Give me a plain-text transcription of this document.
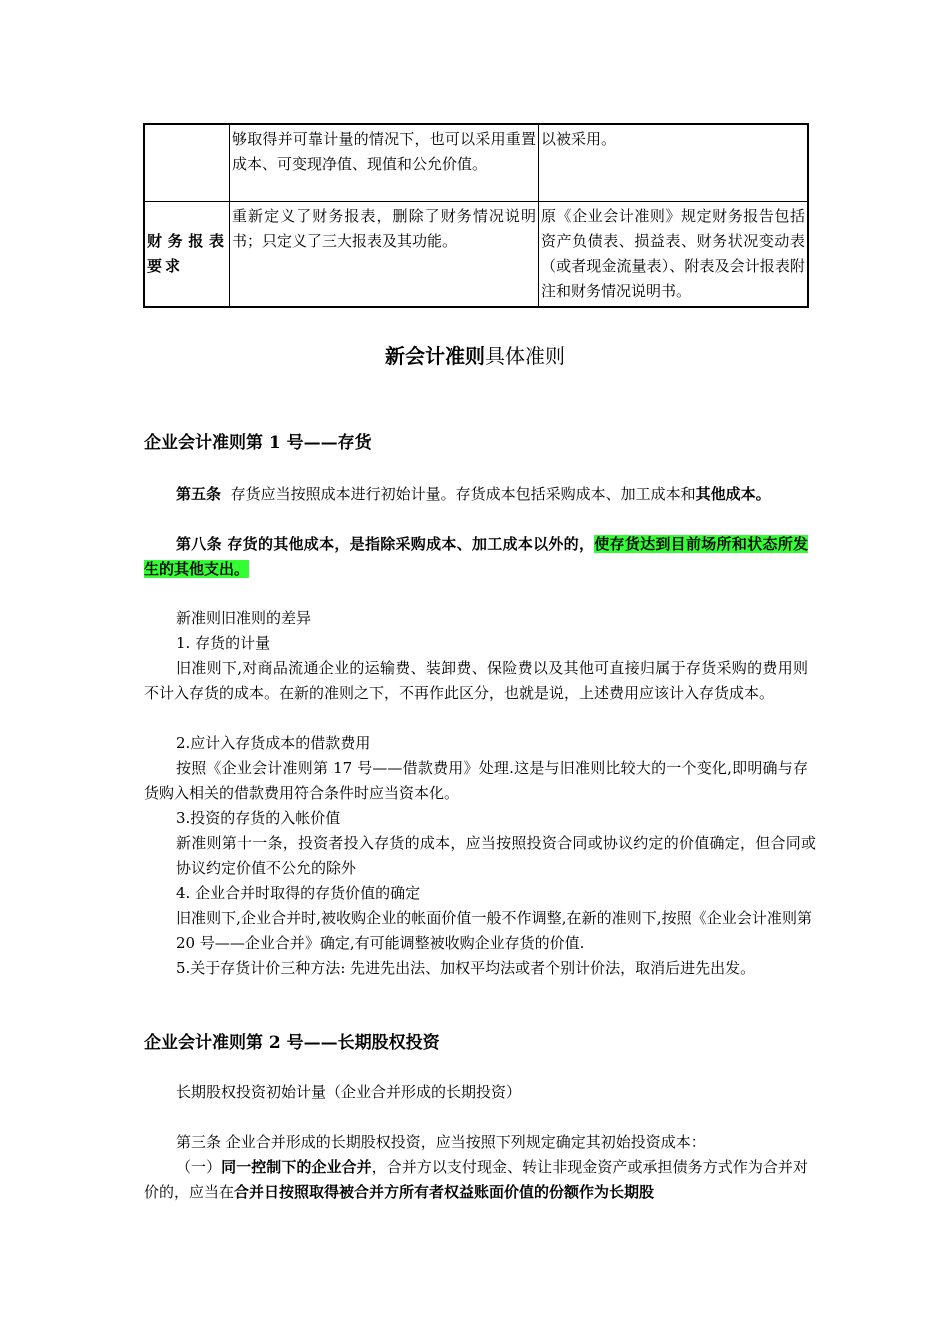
	够取得并可靠计量的情况下，也可以采用重置成本、可变现净值、现值和公允价值。	以被采用。
财务报表要求	重新定义了财务报表，删除了财务情况说明书；只定义了三大报表及其功能。	原《企业会计准则》规定财务报告包括资产负债表、损益表、财务状况变动表（或者现金流量表）、附表及会计报表附注和财务情况说明书。
新会计准则具体准则
企业会计准则第 1 号——存货
第五条 存货应当按照成本进行初始计量。存货成本包括采购成本、加工成本和其他成本。
第八条 存货的其他成本，是指除采购成本、加工成本以外的，使存货达到目前场所和状态所发生的其他支出。
新准则旧准则的差异
1. 存货的计量
旧准则下,对商品流通企业的运输费、装卸费、保险费以及其他可直接归属于存货采购的费用则不计入存货的成本。在新的准则之下，不再作此区分，也就是说，上述费用应该计入存货成本。
2.应计入存货成本的借款费用
按照《企业会计准则第 17 号——借款费用》处理.这是与旧准则比较大的一个变化,即明确与存货购入相关的借款费用符合条件时应当资本化。
3.投资的存货的入帐价值
新准则第十一条，投资者投入存货的成本，应当按照投资合同或协议约定的价值确定，但合同或协议约定价值不公允的除外
4. 企业合并时取得的存货价值的确定
旧准则下,企业合并时,被收购企业的帐面价值一般不作调整,在新的准则下,按照《企业会计准则第 20 号——企业合并》确定,有可能调整被收购企业存货的价值.
5.关于存货计价三种方法: 先进先出法、加权平均法或者个别计价法，取消后进先出发。
企业会计准则第 2 号——长期股权投资
长期股权投资初始计量（企业合并形成的长期投资）
第三条 企业合并形成的长期股权投资，应当按照下列规定确定其初始投资成本：
（一）同一控制下的企业合并，合并方以支付现金、转让非现金资产或承担债务方式作为合并对价的，应当在合并日按照取得被合并方所有者权益账面价值的份额作为长期股
